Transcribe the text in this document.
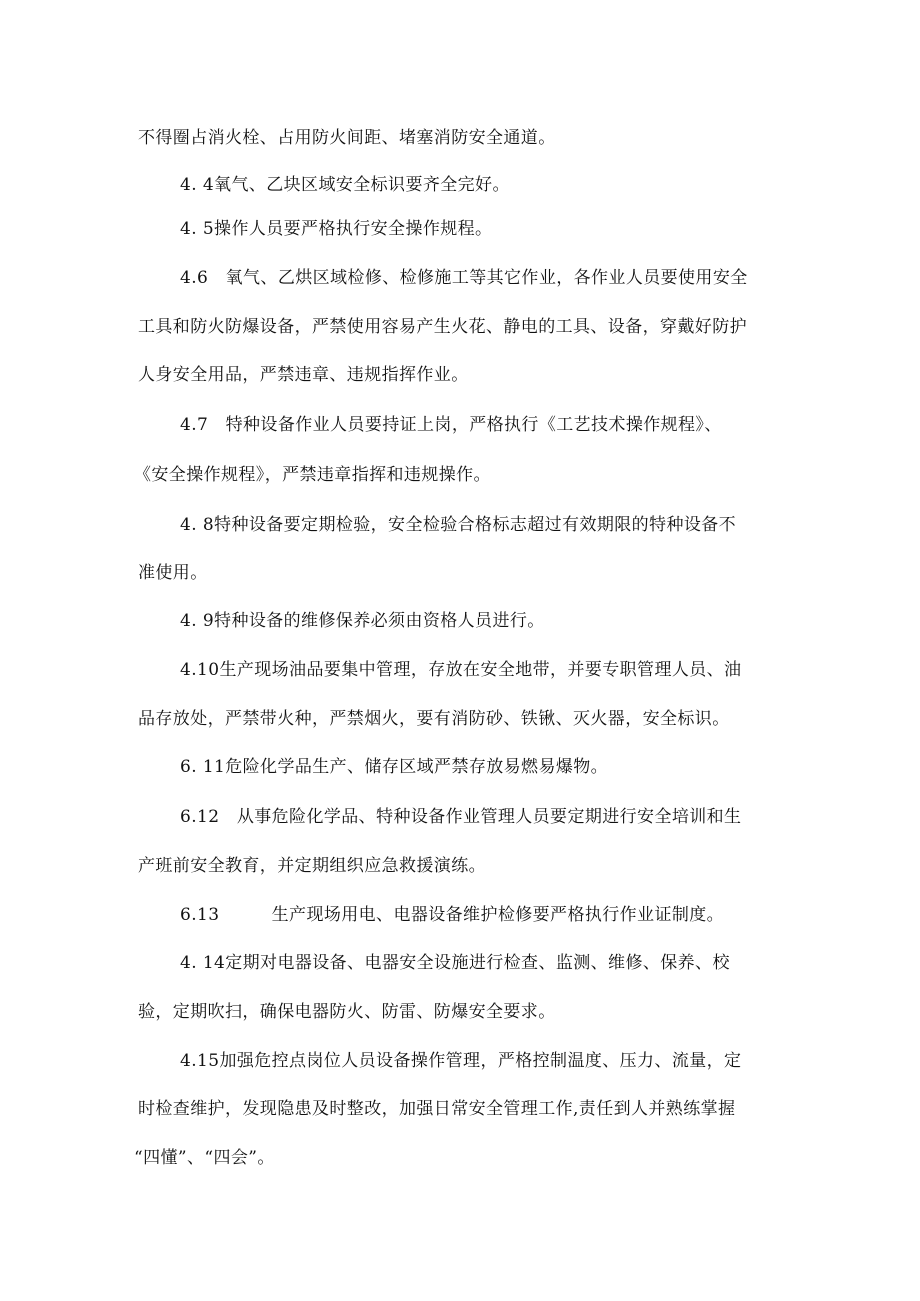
不得圈占消火栓、占用防火间距、堵塞消防安全通道。

4. 4氧气、乙块区域安全标识要齐全完好。

4. 5操作人员要严格执行安全操作规程。

4.6　氧气、乙烘区域检修、检修施工等其它作业，各作业人员要使用安全

工具和防火防爆设备，严禁使用容易产生火花、静电的工具、设备，穿戴好防护

人身安全用品，严禁违章、违规指挥作业。

4.7　特种设备作业人员要持证上岗，严格执行《工艺技术操作规程》、

《安全操作规程》，严禁违章指挥和违规操作。

4. 8特种设备要定期检验，安全检验合格标志超过有效期限的特种设备不

准使用。

4. 9特种设备的维修保养必须由资格人员进行。

4.10生产现场油品要集中管理，存放在安全地带，并要专职管理人员、油

品存放处，严禁带火种，严禁烟火，要有消防砂、铁锹、灭火器，安全标识。

6. 11危险化学品生产、储存区域严禁存放易燃易爆物。

6.12　从事危险化学品、特种设备作业管理人员要定期进行安全培训和生

产班前安全教育，并定期组织应急救援演练。

6.13　　　生产现场用电、电器设备维护检修要严格执行作业证制度。

4. 14定期对电器设备、电器安全设施进行检查、监测、维修、保养、校

验，定期吹扫，确保电器防火、防雷、防爆安全要求。

4.15加强危控点岗位人员设备操作管理，严格控制温度、压力、流量，定

时检查维护，发现隐患及时整改，加强日常安全管理工作,责任到人并熟练掌握

“四懂”、“四会”。
